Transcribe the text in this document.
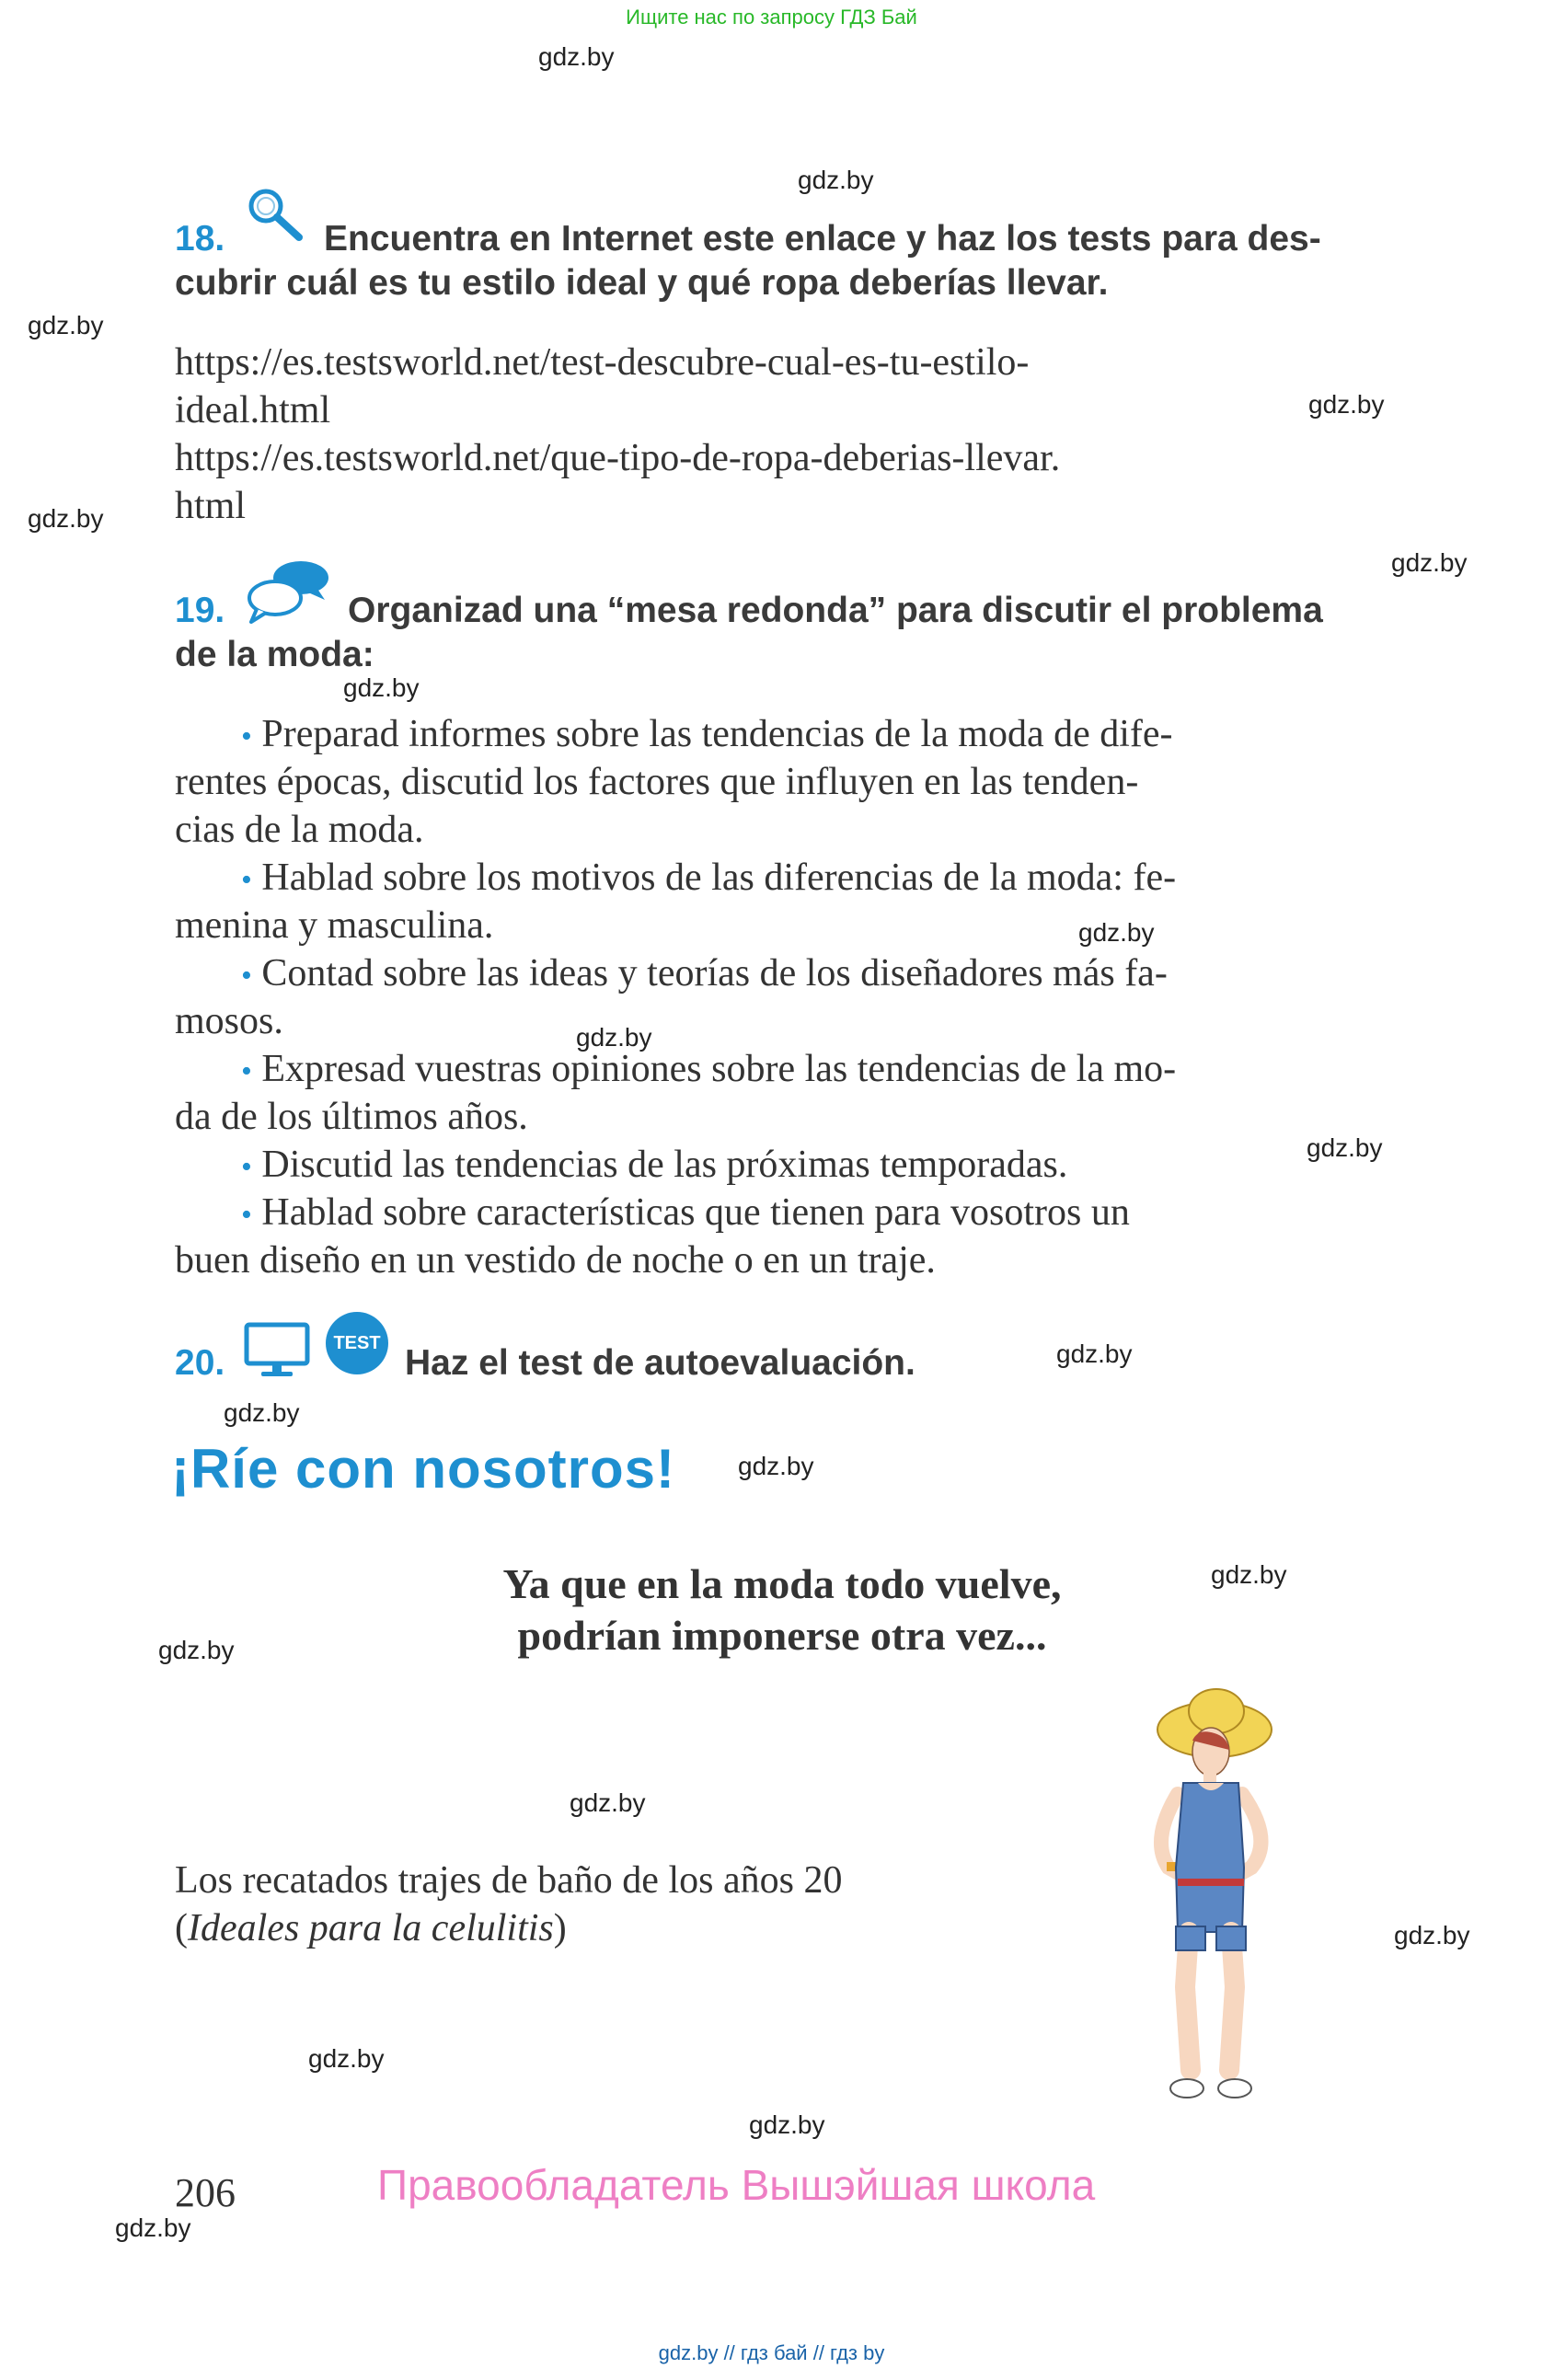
Ищите нас по запросу ГДЗ Бай
gdz.by
gdz.by
gdz.by
gdz.by
gdz.by
gdz.by
gdz.by
gdz.by
gdz.by
gdz.by
gdz.by
gdz.by
gdz.by
gdz.by
gdz.by
gdz.by
gdz.by
gdz.by
gdz.by
gdz.by
18.	Encuentra en Internet este enlace y haz los tests para des-
cubrir cuál es tu estilo ideal y qué ropa deberías llevar.
https://es.testsworld.net/test-descubre-cual-es-tu-estilo-
ideal.html
https://es.testsworld.net/que-tipo-de-ropa-deberias-llevar.
html
19.	Organizad una “mesa redonda” para discutir el problema
de la moda:
• Preparad informes sobre las tendencias de la moda de dife-
rentes épocas, discutid los factores que influyen en las tenden-
cias de la moda.
• Hablad sobre los motivos de las diferencias de la moda: fe-
menina y masculina.
• Contad sobre las ideas y teorías de los diseñadores más fa-
mosos.
• Expresad vuestras opiniones sobre las tendencias de la mo-
da de los últimos años.
• Discutid las tendencias de las próximas temporadas.
• Hablad sobre características que tienen para vosotros un
buen diseño en un vestido de noche o en un traje.
20.	TEST Haz el test de autoevaluación.
¡Ríe con nosotros!
Ya que en la moda todo vuelve,
podrían imponerse otra vez...
Los recatados trajes de baño de los años 20
(Ideales para la celulitis)
206	Правообладатель Вышэйшая школа
gdz.by // гдз бай // гдз by
